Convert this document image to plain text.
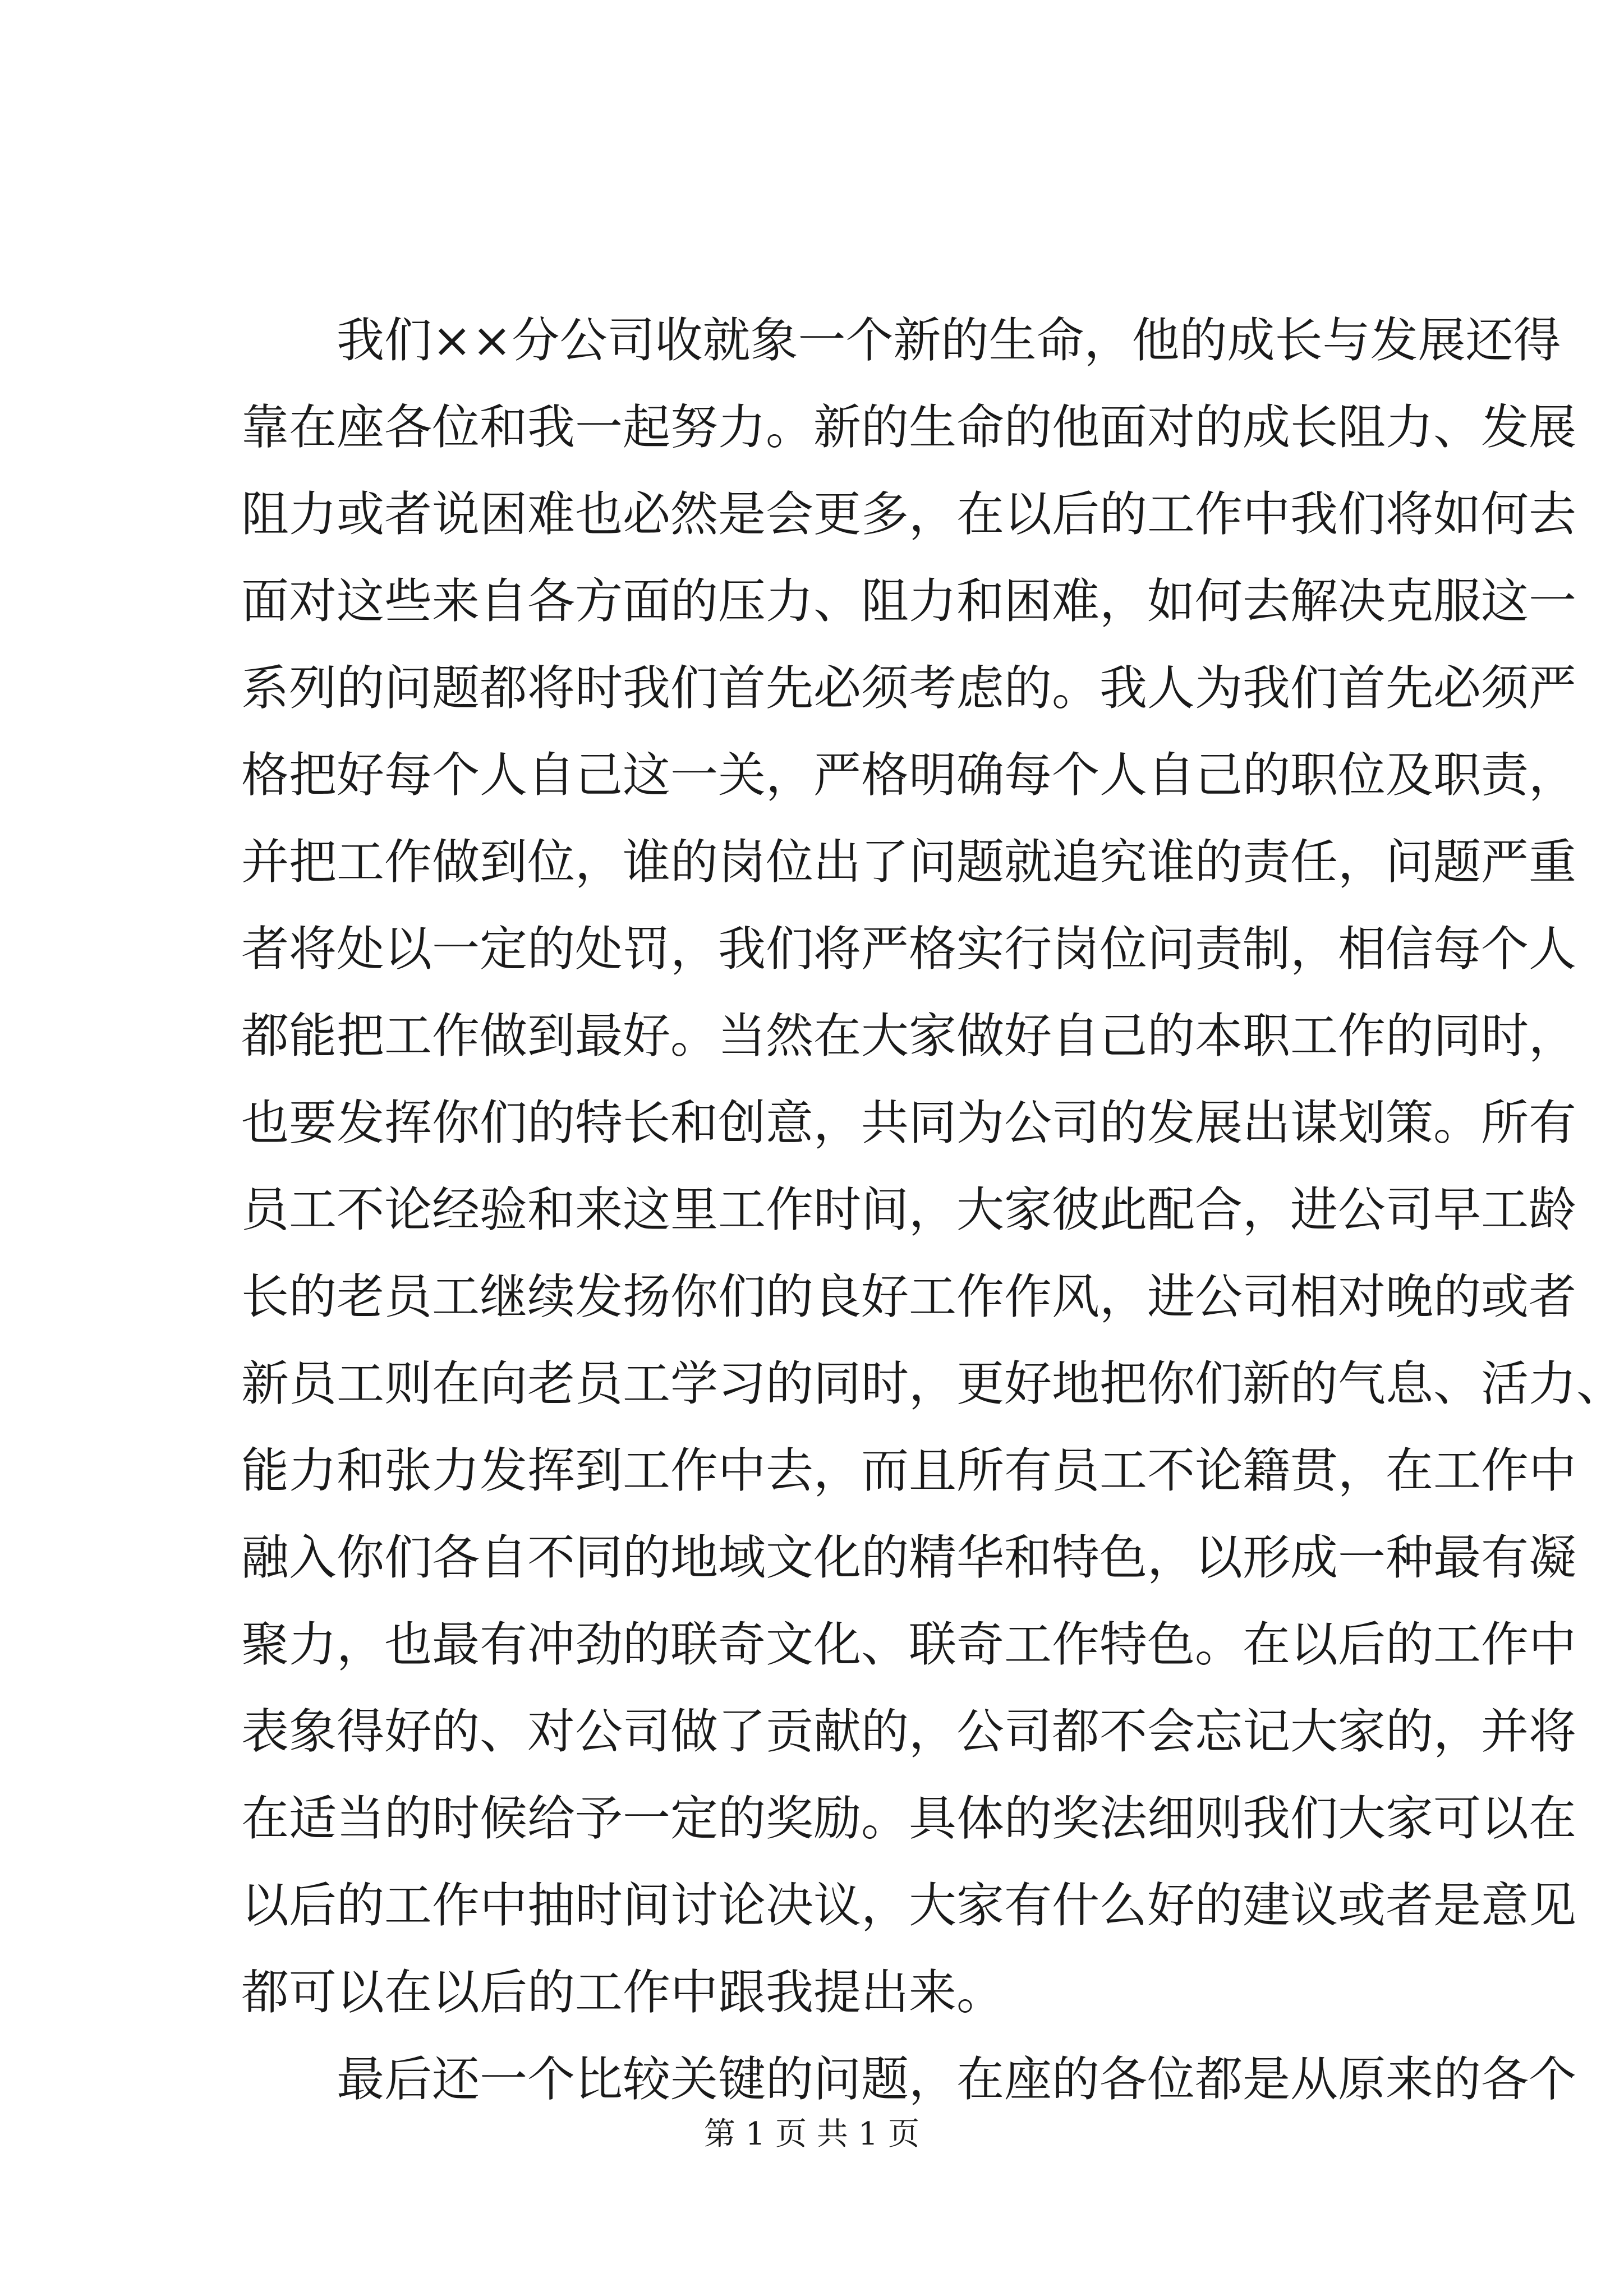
我们××分公司收就象一个新的生命，他的成长与发展还得
靠在座各位和我一起努力。新的生命的他面对的成长阻力、发展
阻力或者说困难也必然是会更多，在以后的工作中我们将如何去
面对这些来自各方面的压力、阻力和困难，如何去解决克服这一
系列的问题都将时我们首先必须考虑的。我人为我们首先必须严
格把好每个人自己这一关，严格明确每个人自己的职位及职责，
并把工作做到位，谁的岗位出了问题就追究谁的责任，问题严重
者将处以一定的处罚，我们将严格实行岗位问责制，相信每个人
都能把工作做到最好。当然在大家做好自己的本职工作的同时，
也要发挥你们的特长和创意，共同为公司的发展出谋划策。所有
员工不论经验和来这里工作时间，大家彼此配合，进公司早工龄
长的老员工继续发扬你们的良好工作作风，进公司相对晚的或者
新员工则在向老员工学习的同时，更好地把你们新的气息、活力、
能力和张力发挥到工作中去，而且所有员工不论籍贯，在工作中
融入你们各自不同的地域文化的精华和特色，以形成一种最有凝
聚力，也最有冲劲的联奇文化、联奇工作特色。在以后的工作中
表象得好的、对公司做了贡献的，公司都不会忘记大家的，并将
在适当的时候给予一定的奖励。具体的奖法细则我们大家可以在
以后的工作中抽时间讨论决议，大家有什么好的建议或者是意见
都可以在以后的工作中跟我提出来。
最后还一个比较关键的问题，在座的各位都是从原来的各个
第 1 页 共 1 页
